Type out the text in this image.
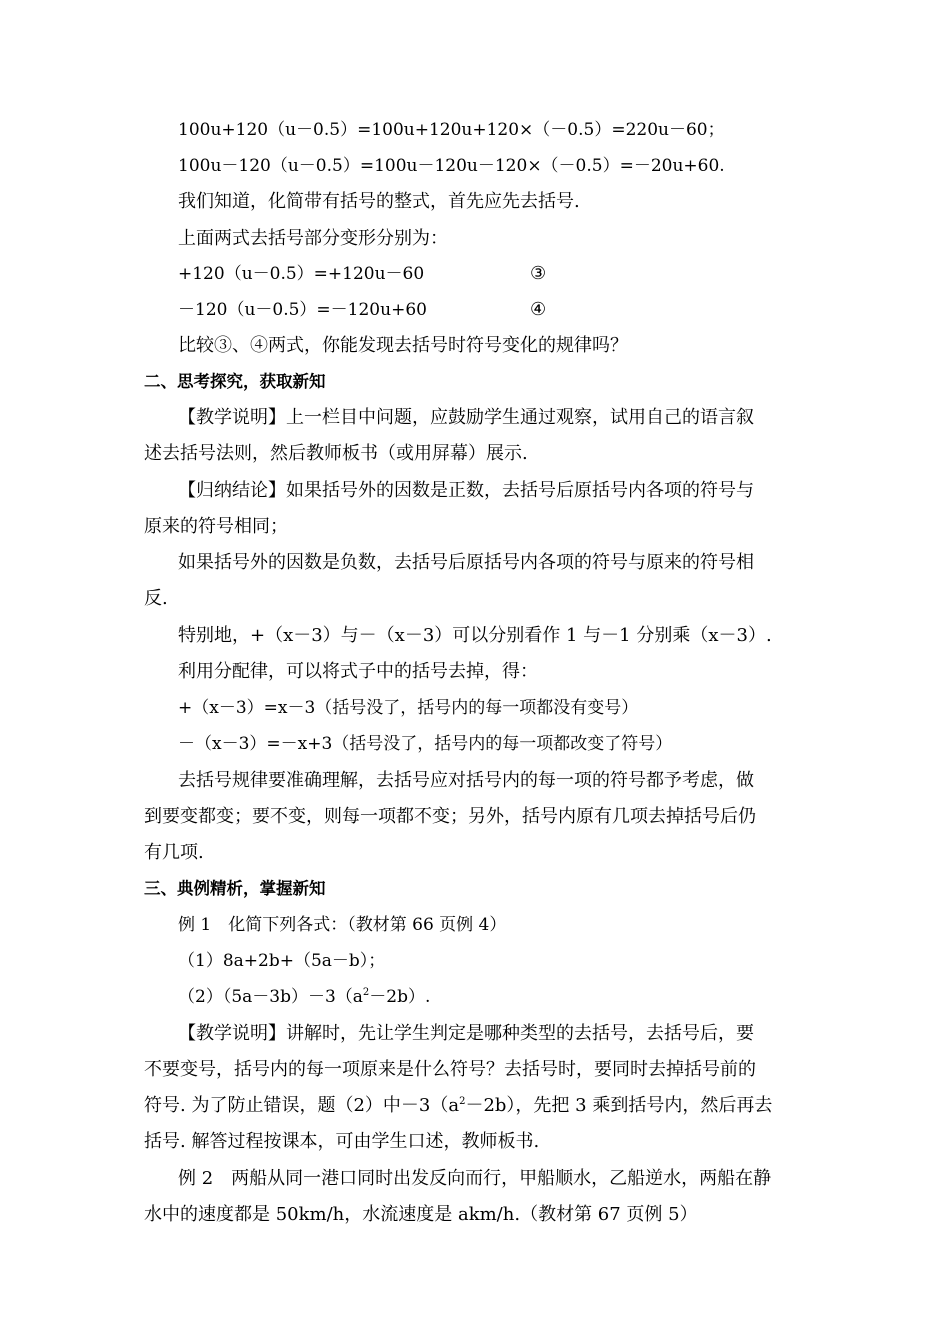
100u+120（u－0.5）=100u+120u+120×（－0.5）=220u－60；
100u－120（u－0.5）=100u－120u－120×（－0.5）=－20u+60.
我们知道，化简带有括号的整式，首先应先去括号.
上面两式去括号部分变形分别为：
+120（u－0.5）=+120u－60	③
－120（u－0.5）=－120u+60	④
比较③、④两式，你能发现去括号时符号变化的规律吗？
二、思考探究，获取新知
【教学说明】上一栏目中问题，应鼓励学生通过观察，试用自己的语言叙
述去括号法则，然后教师板书（或用屏幕）展示.
【归纳结论】如果括号外的因数是正数，去括号后原括号内各项的符号与
原来的符号相同；
如果括号外的因数是负数，去括号后原括号内各项的符号与原来的符号相
反.
特别地，+（x－3）与－（x－3）可以分别看作 1 与－1 分别乘（x－3）.
利用分配律，可以将式子中的括号去掉，得：
+（x－3）=x－3（括号没了，括号内的每一项都没有变号）
－（x－3）=－x+3（括号没了，括号内的每一项都改变了符号）
去括号规律要准确理解，去括号应对括号内的每一项的符号都予考虑，做
到要变都变；要不变，则每一项都不变；另外，括号内原有几项去掉括号后仍
有几项.
三、典例精析，掌握新知
例 1　化简下列各式：（教材第 66 页例 4）
（1）8a+2b+（5a－b）；
$(2)(5a-3b)-3(a^2-2b)$.
【教学说明】讲解时，先让学生判定是哪种类型的去括号，去括号后，要
不要变号，括号内的每一项原来是什么符号？去括号时，要同时去掉括号前的
符号. 为了防止错误，题（2）中$-3(a^2-2b)$，先把 3 乘到括号内，然后再去
括号. 解答过程按课本，可由学生口述，教师板书.
例 2　两船从同一港口同时出发反向而行，甲船顺水，乙船逆水，两船在静
水中的速度都是 50km/h，水流速度是 akm/h.（教材第 67 页例 5）
